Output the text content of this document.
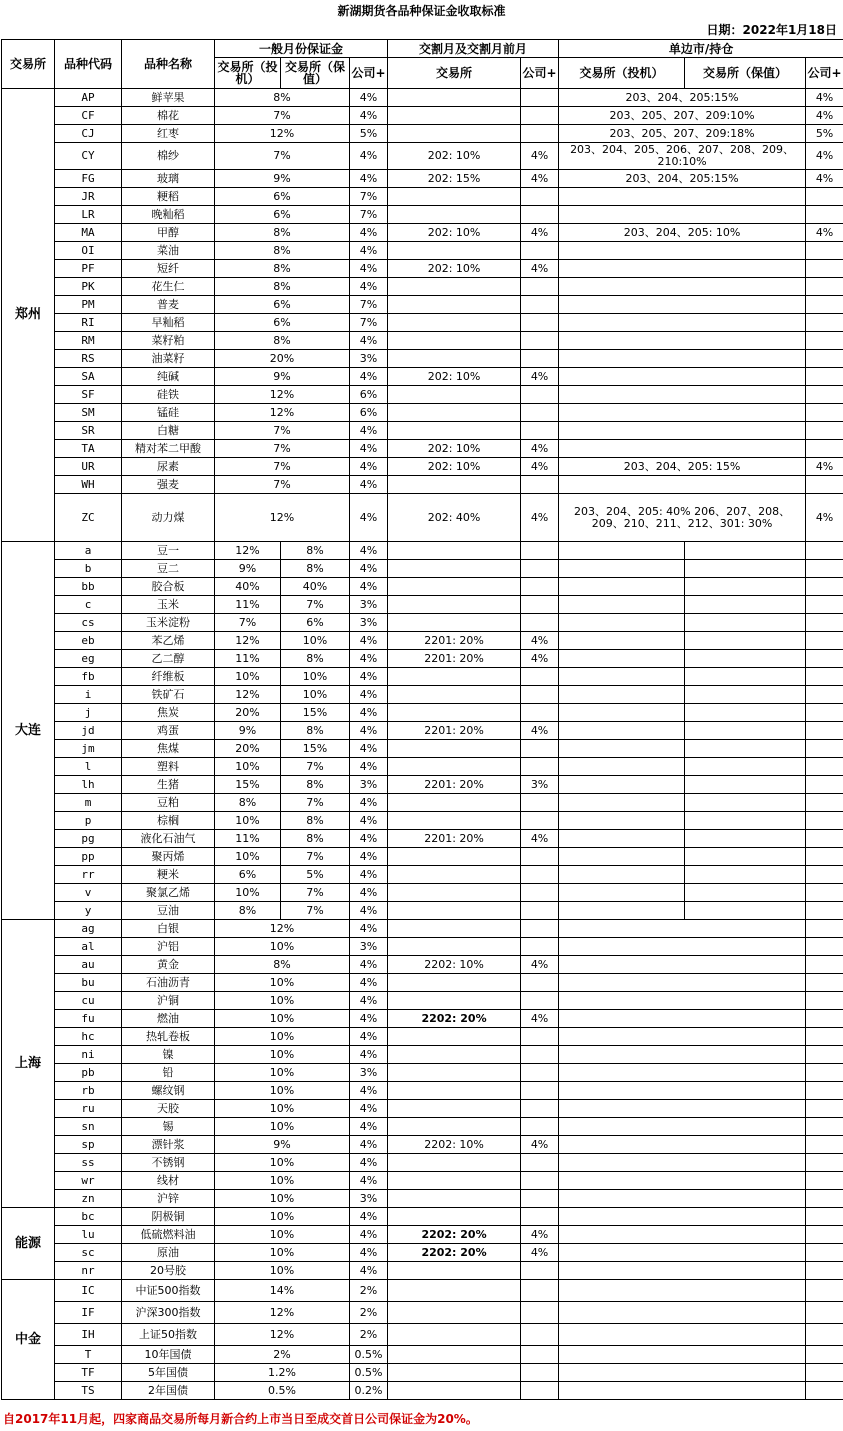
新湖期货各品种保证金收取标准
日期：2022年1月18日
交易所	品种代码	品种名称	一般月份保证金			交割月及交割月前月		单边市/持仓		
			交易所（投机）	交易所（保值）	公司+	交易所	公司+	交易所（投机）	交易所（保值）	公司+
郑州	AP	鲜苹果	8%		4%			203、204、205:15%		4%
	CF	棉花	7%		4%			203、205、207、209:10%		4%
	CJ	红枣	12%		5%			203、205、207、209:18%		5%
	CY	棉纱	7%		4%	202: 10%	4%	203、204、205、206、207、208、209、210:10%		4%
	FG	玻璃	9%		4%	202: 15%	4%	203、204、205:15%		4%
	JR	粳稻	6%		7%					
	LR	晚籼稻	6%		7%					
	MA	甲醇	8%		4%	202: 10%	4%	203、204、205: 10%		4%
	OI	菜油	8%		4%					
	PF	短纤	8%		4%	202: 10%	4%			
	PK	花生仁	8%		4%					
	PM	普麦	6%		7%					
	RI	早籼稻	6%		7%					
	RM	菜籽粕	8%		4%					
	RS	油菜籽	20%		3%					
	SA	纯碱	9%		4%	202: 10%	4%			
	SF	硅铁	12%		6%					
	SM	锰硅	12%		6%					
	SR	白糖	7%		4%					
	TA	精对苯二甲酸	7%		4%	202: 10%	4%			
	UR	尿素	7%		4%	202: 10%	4%	203、204、205: 15%		4%
	WH	强麦	7%		4%					
	ZC	动力煤	12%		4%	202: 40%	4%	203、204、205: 40% 206、207、208、209、210、211、212、301: 30%		4%
大连	a	豆一	12%	8%	4%					
	b	豆二	9%	8%	4%					
	bb	胶合板	40%	40%	4%					
	c	玉米	11%	7%	3%					
	cs	玉米淀粉	7%	6%	3%					
	eb	苯乙烯	12%	10%	4%	2201: 20%	4%			
	eg	乙二醇	11%	8%	4%	2201: 20%	4%			
	fb	纤维板	10%	10%	4%					
	i	铁矿石	12%	10%	4%					
	j	焦炭	20%	15%	4%					
	jd	鸡蛋	9%	8%	4%	2201: 20%	4%			
	jm	焦煤	20%	15%	4%					
	l	塑料	10%	7%	4%					
	lh	生猪	15%	8%	3%	2201: 20%	3%			
	m	豆粕	8%	7%	4%					
	p	棕榈	10%	8%	4%					
	pg	液化石油气	11%	8%	4%	2201: 20%	4%			
	pp	聚丙烯	10%	7%	4%					
	rr	粳米	6%	5%	4%					
	v	聚氯乙烯	10%	7%	4%					
	y	豆油	8%	7%	4%					
上海	ag	白银	12%		4%					
	al	沪铝	10%		3%					
	au	黄金	8%		4%	2202: 10%	4%			
	bu	石油沥青	10%		4%					
	cu	沪铜	10%		4%					
	fu	燃油	10%		4%	2202: 20%	4%			
	hc	热轧卷板	10%		4%					
	ni	镍	10%		4%					
	pb	铅	10%		3%					
	rb	螺纹钢	10%		4%					
	ru	天胶	10%		4%					
	sn	锡	10%		4%					
	sp	漂针浆	9%		4%	2202: 10%	4%			
	ss	不锈钢	10%		4%					
	wr	线材	10%		4%					
	zn	沪锌	10%		3%					
能源	bc	阴极铜	10%		4%					
	lu	低硫燃料油	10%		4%	2202: 20%	4%			
	sc	原油	10%		4%	2202: 20%	4%			
	nr	20号胶	10%		4%					
中金	IC	中证500指数	14%		2%					
	IF	沪深300指数	12%		2%					
	IH	上证50指数	12%		2%					
	T	10年国债	2%		0.5%					
	TF	5年国债	1.2%		0.5%					
	TS	2年国债	0.5%		0.2%					
自2017年11月起，四家商品交易所每月新合约上市当日至成交首日公司保证金为20%。
